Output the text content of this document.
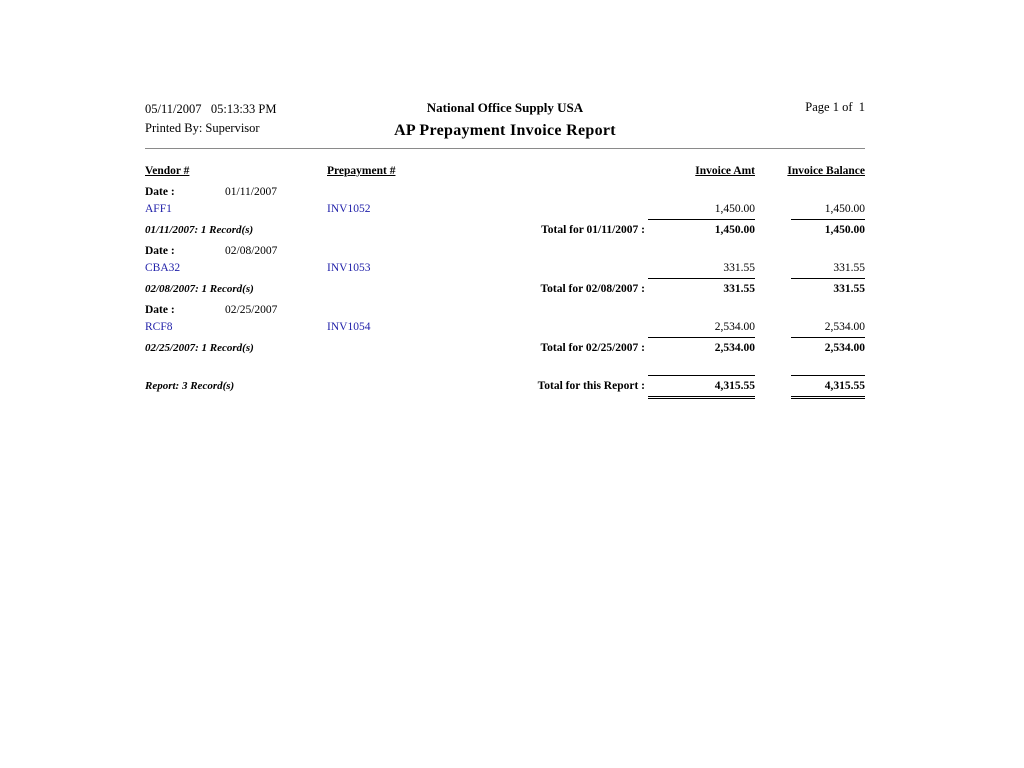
05/11/2007   05:13:33 PM
Printed By: Supervisor
National Office Supply USA
AP Prepayment Invoice Report
Page 1 of  1
Vendor #	Prepayment #	Invoice Amt	Invoice Balance
Date :	01/11/2007
AFF1	INV1052	1,450.00	1,450.00
01/11/2007: 1 Record(s)	Total for 01/11/2007 :	1,450.00	1,450.00
Date :	02/08/2007
CBA32	INV1053	331.55	331.55
02/08/2007: 1 Record(s)	Total for 02/08/2007 :	331.55	331.55
Date :	02/25/2007
RCF8	INV1054	2,534.00	2,534.00
02/25/2007: 1 Record(s)	Total for 02/25/2007 :	2,534.00	2,534.00
Report: 3 Record(s)	Total for this Report :	4,315.55	4,315.55
